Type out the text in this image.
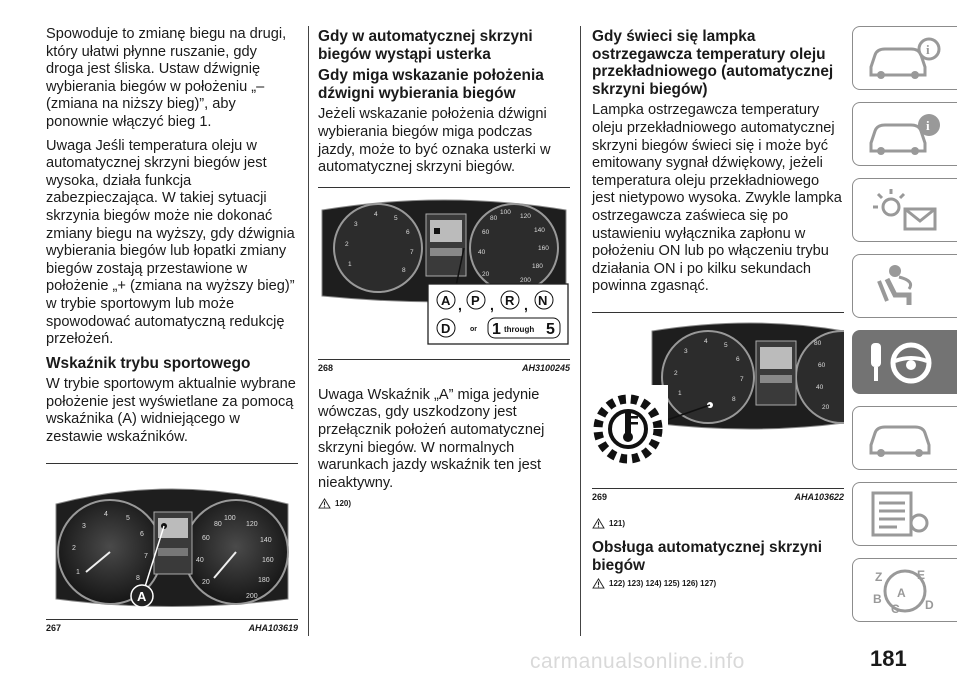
Spowoduje to zmianę biegu na drugi, który ułatwi płynne ruszanie, gdy droga jest śliska. Ustaw dźwignię wybierania biegów w położeniu „– (zmiana na niższy bieg)”, aby ponownie włączyć bieg 1.

Uwaga Jeśli temperatura oleju w automatycznej skrzyni biegów jest wysoka, działa funkcja zabezpieczająca. W takiej sytuacji skrzynia biegów może nie dokonać zmiany biegu na wyższy, gdy dźwignia wybierania biegów lub łopatki zmiany biegów zostają przestawione w położenie „+ (zmiana na wyższy bieg)” w trybie sportowym lub może spowodować automatyczną redukcję przełożeń.

Wskaźnik trybu sportowego

W trybie sportowym aktualnie wybrane położenie jest wyświetlane za pomocą wskaźnika (A) widniejącego w zestawie wskaźników.

1
2
3
4
5
6
7
8
100
120
140
160
180
200
20
40
60
80
A
267	AHA103619
Gdy w automatycznej skrzyni biegów wystąpi usterka
Gdy miga wskazanie położenia dźwigni wybierania biegów

Jeżeli wskazanie położenia dźwigni wybierania biegów miga podczas jazdy, może to być oznaka usterki w automatycznej skrzyni biegów.

1
2
3
4
5
6
7
8
100
120
140
160
180
200
20
40
60
80
A P R N
, , ,
D	or 1 through 5
268	AH3100245

Uwaga Wskaźnik „A” miga jedynie wówczas, gdy uszkodzony jest przełącznik położeń automatycznej skrzyni biegów. W normalnych warunkach jazdy wskaźnik ten jest nieaktywny.

120)
Gdy świeci się lampka ostrzegawcza temperatury oleju przekładniowego (automatycznej skrzyni biegów)

Lampka ostrzegawcza temperatury oleju przekładniowego automatycznej skrzyni biegów świeci się i może być emitowany sygnał dźwiękowy, jeżeli temperatura oleju przekładniowego jest nietypowo wysoka. Zwykle lampka ostrzegawcza zaświeca się po ustawieniu wyłącznika zapłonu w położeniu ON lub po włączeniu trybu działania ON i po kilku sekundach powinna zgasnąć.

1
2
3
4
5
6
7
8
80
60
40
20
269	AHA103622
121)
Obsługa automatycznej skrzyni biegów
122) 123) 124) 125) 126) 127)
i
i
Z	E
B A
C D
carmanualsonline.info	181
